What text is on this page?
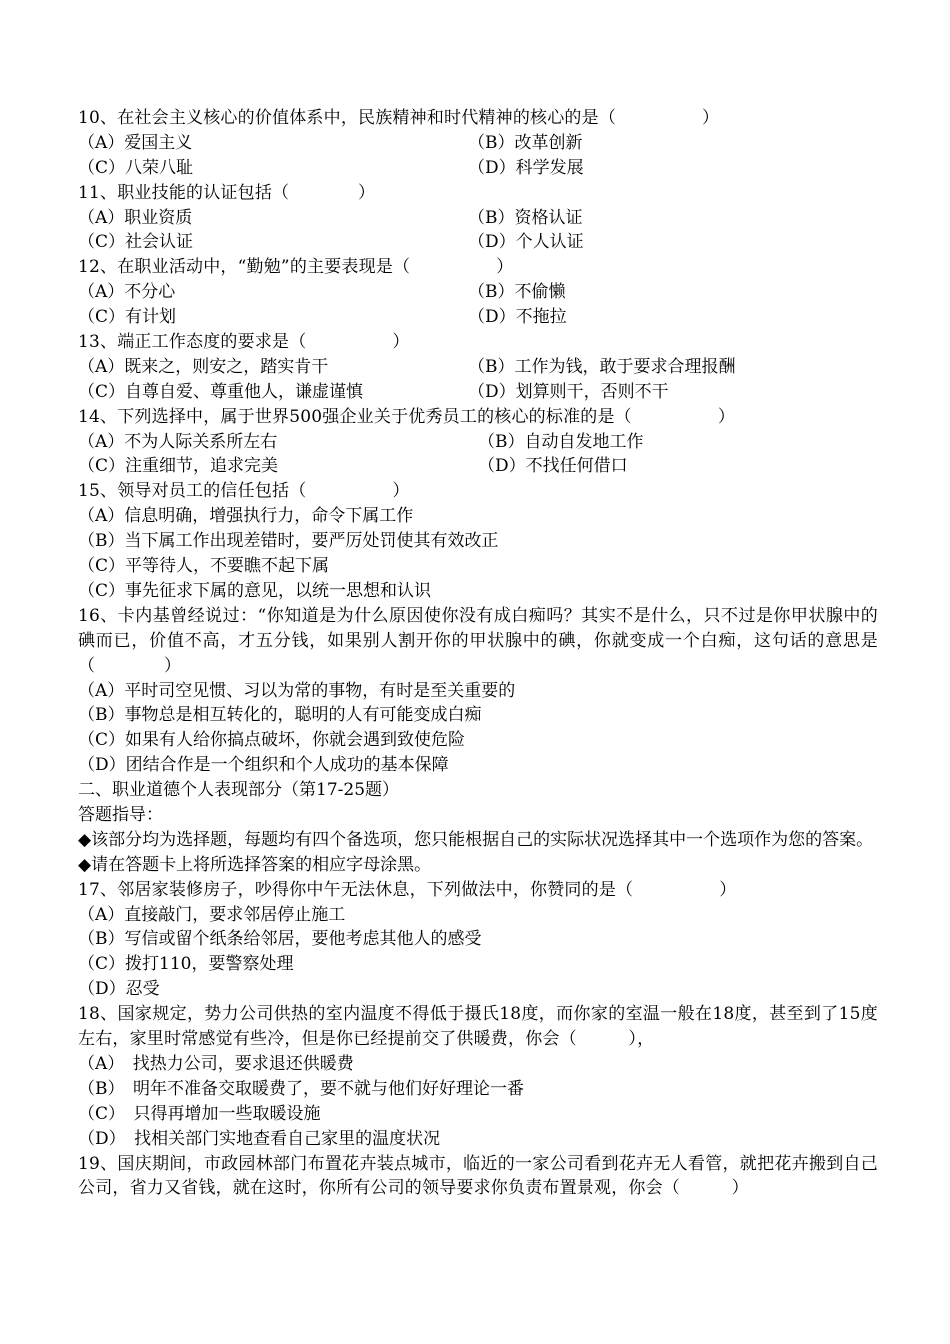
10、在社会主义核心的价值体系中，民族精神和时代精神的核心的是（　　　　　）
（A）爱国主义	（B）改革创新
（C）八荣八耻	（D）科学发展
11、职业技能的认证包括（　　　　）
（A）职业资质	（B）资格认证
（C）社会认证	（D）个人认证
12、在职业活动中，“勤勉”的主要表现是（　　　　　）
（A）不分心	（B）不偷懒
（C）有计划	（D）不拖拉
13、端正工作态度的要求是（　　　　　）
（A）既来之，则安之，踏实肯干	（B）工作为钱，敢于要求合理报酬
（C）自尊自爱、尊重他人，谦虚谨慎	（D）划算则干，否则不干
14、下列选择中，属于世界500强企业关于优秀员工的核心的标准的是（　　　　　）
（A）不为人际关系所左右	（B）自动自发地工作
（C）注重细节，追求完美	（D）不找任何借口
15、领导对员工的信任包括（　　　　　）
（A）信息明确，增强执行力，命令下属工作
（B）当下属工作出现差错时，要严厉处罚使其有效改正
（C）平等待人，不要瞧不起下属
（C）事先征求下属的意见，以统一思想和认识
16、卡内基曾经说过：“你知道是为什么原因使你没有成白痴吗？其实不是什么，只不过是你甲状腺中的碘而已，价值不高，才五分钱，如果别人割开你的甲状腺中的碘，你就变成一个白痴，这句话的意思是（　　　　）
（A）平时司空见惯、习以为常的事物，有时是至关重要的
（B）事物总是相互转化的，聪明的人有可能变成白痴
（C）如果有人给你搞点破坏，你就会遇到致使危险
（D）团结合作是一个组织和个人成功的基本保障
二、职业道德个人表现部分（第17-25题）
答题指导：
◆该部分均为选择题，每题均有四个备选项，您只能根据自己的实际状况选择其中一个选项作为您的答案。
◆请在答题卡上将所选择答案的相应字母涂黑。
17、邻居家装修房子，吵得你中午无法休息，下列做法中，你赞同的是（　　　　　）
（A）直接敲门，要求邻居停止施工
（B）写信或留个纸条给邻居，要他考虑其他人的感受
（C）拨打110，要警察处理
（D）忍受
18、国家规定，势力公司供热的室内温度不得低于摄氏18度，而你家的室温一般在18度，甚至到了15度左右，家里时常感觉有些冷，但是你已经提前交了供暖费，你会（　　　），
（A）　找热力公司，要求退还供暖费
（B）　明年不准备交取暖费了，要不就与他们好好理论一番
（C）　只得再增加一些取暖设施
（D）　找相关部门实地查看自己家里的温度状况
19、国庆期间，市政园林部门布置花卉装点城市，临近的一家公司看到花卉无人看管，就把花卉搬到自己公司，省力又省钱，就在这时，你所有公司的领导要求你负责布置景观，你会（　　　）
